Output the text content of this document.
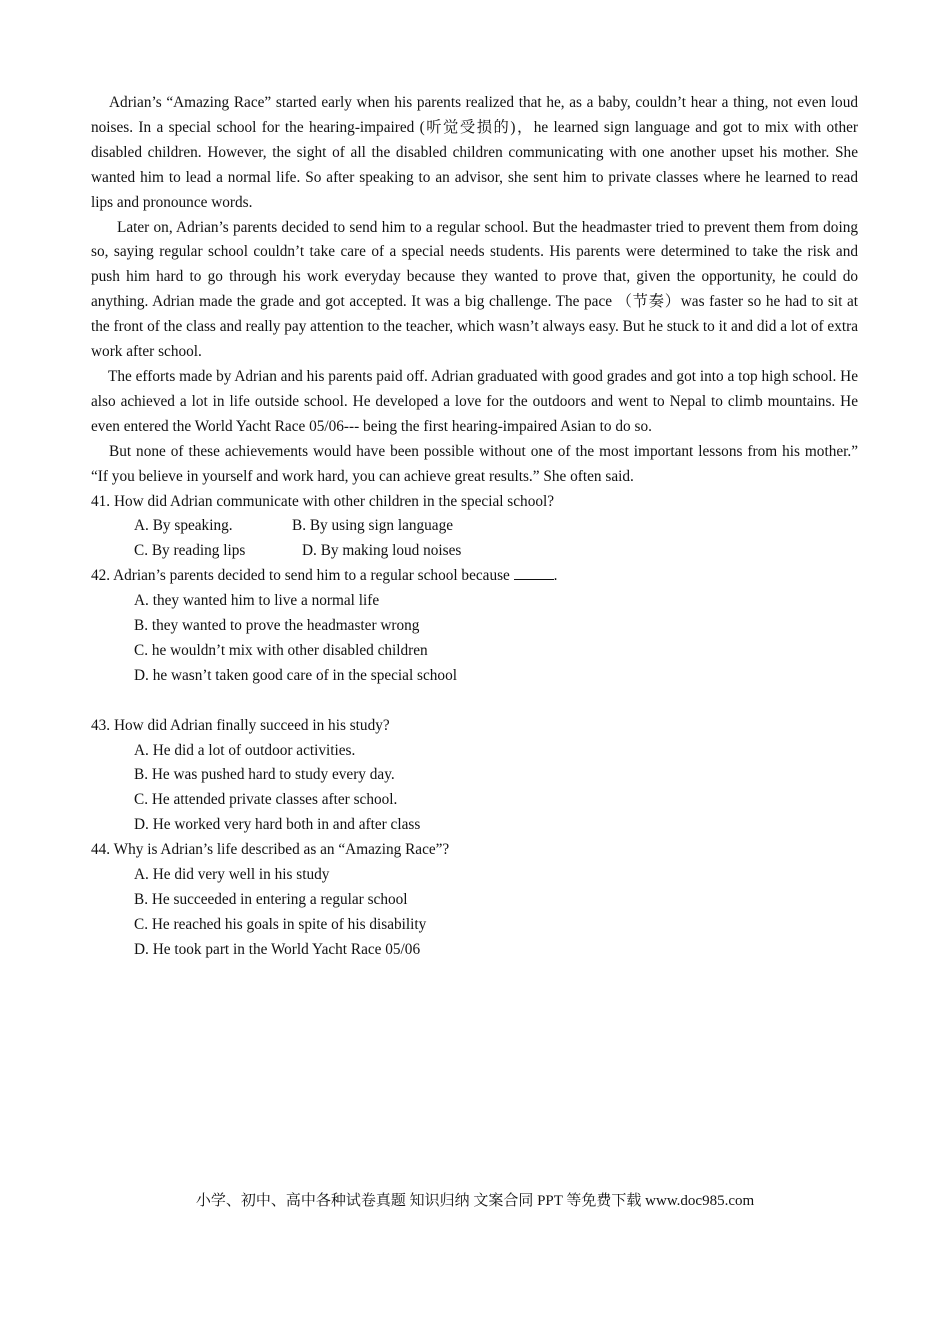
Adrian’s “Amazing Race” started early when his parents realized that he, as a baby, couldn’t hear a thing, not even loud noises. In a special school for the hearing-impaired (听觉受损的)，he learned sign language and got to mix with other disabled children. However, the sight of all the disabled children communicating with one another upset his mother. She wanted him to lead a normal life. So after speaking to an advisor, she sent him to private classes where he learned to read lips and pronounce words.

Later on, Adrian’s parents decided to send him to a regular school. But the headmaster tried to prevent them from doing so, saying regular school couldn’t take care of a special needs students. His parents were determined to take the risk and push him hard to go through his work everyday because they wanted to prove that, given the opportunity, he could do anything. Adrian made the grade and got accepted. It was a big challenge. The pace （节奏）was faster so he had to sit at the front of the class and really pay attention to the teacher, which wasn’t always easy. But he stuck to it and did a lot of extra work after school.

The efforts made by Adrian and his parents paid off. Adrian graduated with good grades and got into a top high school. He also achieved a lot in life outside school. He developed a love for the outdoors and went to Nepal to climb mountains. He even entered the World Yacht Race 05/06--- being the first hearing-impaired Asian to do so.

But none of these achievements would have been possible without one of the most important lessons from his mother.” “If you believe in yourself and work hard, you can achieve great results.” She often said.

41. How did Adrian communicate with other children in the special school?

A. By speaking.	B. By using sign language
C. By reading lips	D. By making loud noises

42. Adrian’s parents decided to send him to a regular school because	.

A. they wanted him to live a normal life
B. they wanted to prove the headmaster wrong
C. he wouldn’t mix with other disabled children
D. he wasn’t taken good care of in the special school

43. How did Adrian finally succeed in his study?

A. He did a lot of outdoor activities.
B. He was pushed hard to study every day.
C. He attended private classes after school.
D. He worked very hard both in and after class

44. Why is Adrian’s life described as an “Amazing Race”?

A. He did very well in his study
B. He succeeded in entering a regular school
C. He reached his goals in spite of his disability
D. He took part in the World Yacht Race 05/06
小学、初中、高中各种试卷真题 知识归纳 文案合同 PPT 等免费下载 www.doc985.com
